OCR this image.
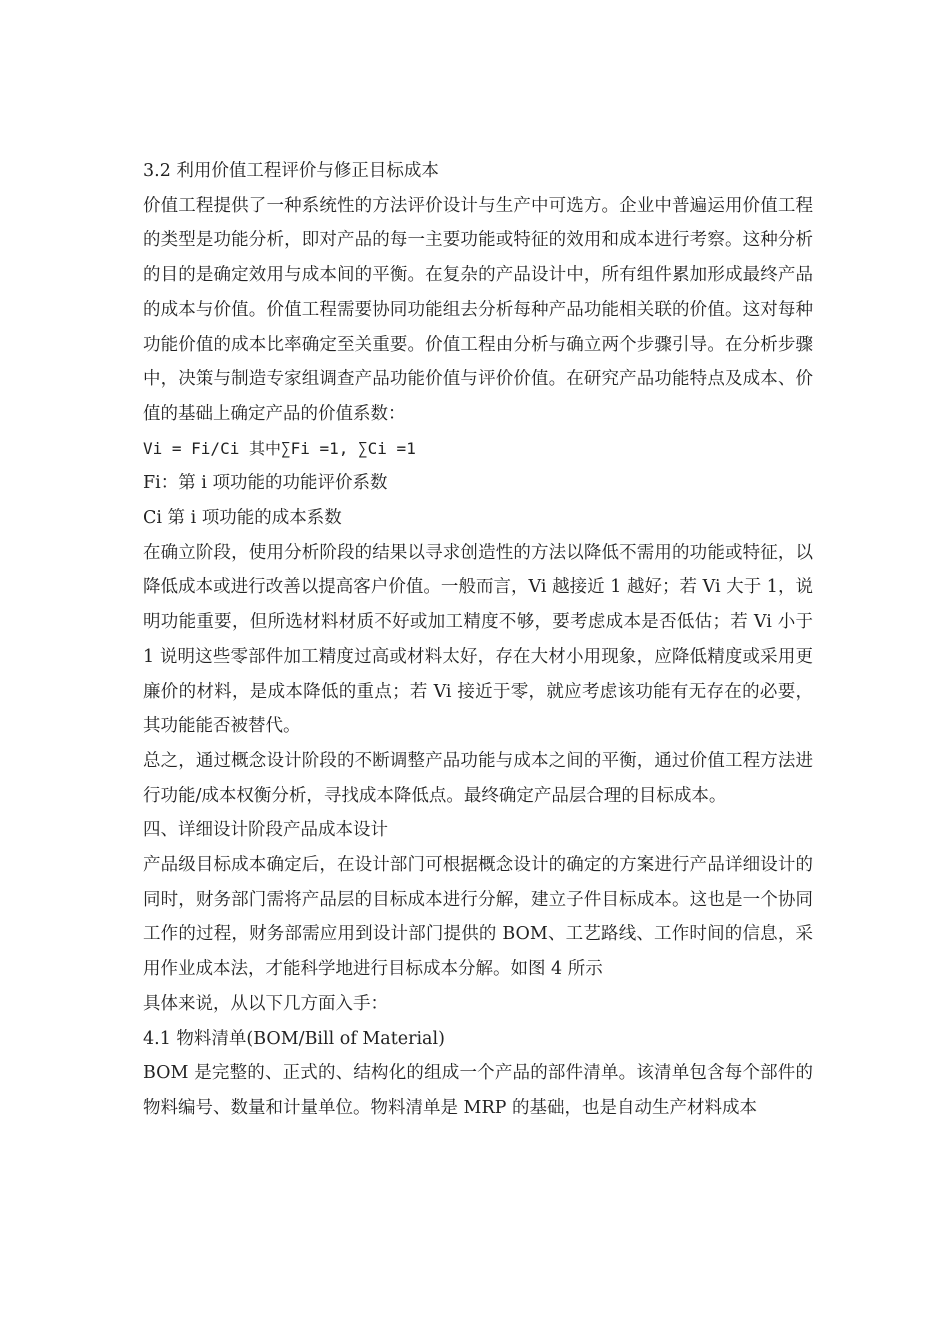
3.2 利用价值工程评价与修正目标成本

价值工程提供了一种系统性的方法评价设计与生产中可选方。企业中普遍运用价值工程的类型是功能分析，即对产品的每一主要功能或特征的效用和成本进行考察。这种分析的目的是确定效用与成本间的平衡。在复杂的产品设计中，所有组件累加形成最终产品的成本与价值。价值工程需要协同功能组去分析每种产品功能相关联的价值。这对每种功能价值的成本比率确定至关重要。价值工程由分析与确立两个步骤引导。在分析步骤中，决策与制造专家组调查产品功能价值与评价价值。在研究产品功能特点及成本、价值的基础上确定产品的价值系数：

Vi = Fi/Ci 其中∑Fi =1, ∑Ci =1

Fi：第 i 项功能的功能评价系数

Ci 第 i 项功能的成本系数

在确立阶段，使用分析阶段的结果以寻求创造性的方法以降低不需用的功能或特征，以降低成本或进行改善以提高客户价值。一般而言，Vi 越接近 1 越好；若 Vi 大于 1，说明功能重要，但所选材料材质不好或加工精度不够，要考虑成本是否低估；若 Vi 小于 1 说明这些零部件加工精度过高或材料太好，存在大材小用现象，应降低精度或采用更廉价的材料，是成本降低的重点；若 Vi 接近于零，就应考虑该功能有无存在的必要，其功能能否被替代。

总之，通过概念设计阶段的不断调整产品功能与成本之间的平衡，通过价值工程方法进行功能/成本权衡分析，寻找成本降低点。最终确定产品层合理的目标成本。

四、详细设计阶段产品成本设计

产品级目标成本确定后，在设计部门可根据概念设计的确定的方案进行产品详细设计的同时，财务部门需将产品层的目标成本进行分解，建立子件目标成本。这也是一个协同工作的过程，财务部需应用到设计部门提供的 BOM、工艺路线、工作时间的信息，采用作业成本法，才能科学地进行目标成本分解。如图 4 所示

具体来说，从以下几方面入手：

4.1 物料清单(BOM/Bill of Material)

BOM 是完整的、正式的、结构化的组成一个产品的部件清单。该清单包含每个部件的物料编号、数量和计量单位。物料清单是 MRP 的基础，也是自动生产材料成本
